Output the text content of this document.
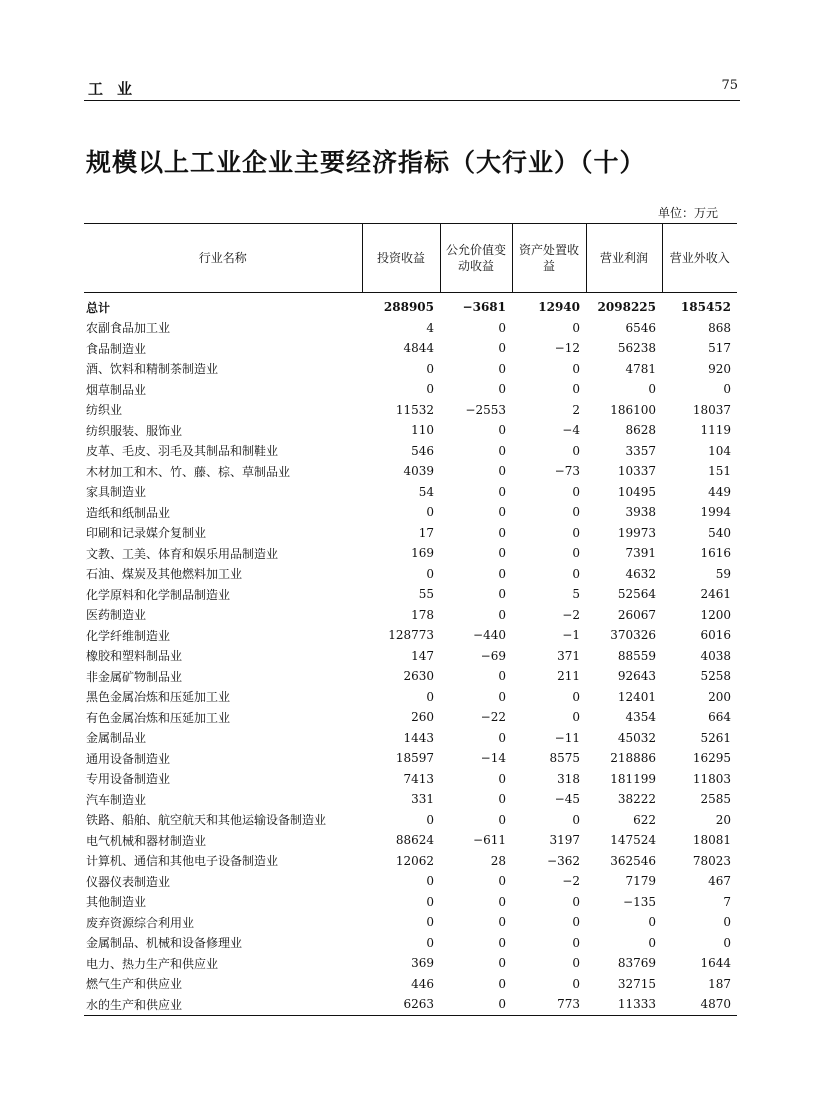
工业	75
规模以上工业企业主要经济指标（大行业）（十）
单位：万元
行业名称	投资收益	公允价值变动收益	资产处置收益	营业利润	营业外收入
总计	288905	−3681	12940	2098225	185452
农副食品加工业	4	0	0	6546	868
食品制造业	4844	0	−12	56238	517
酒、饮料和精制茶制造业	0	0	0	4781	920
烟草制品业	0	0	0	0	0
纺织业	11532	−2553	2	186100	18037
纺织服装、服饰业	110	0	−4	8628	1119
皮革、毛皮、羽毛及其制品和制鞋业	546	0	0	3357	104
木材加工和木、竹、藤、棕、草制品业	4039	0	−73	10337	151
家具制造业	54	0	0	10495	449
造纸和纸制品业	0	0	0	3938	1994
印刷和记录媒介复制业	17	0	0	19973	540
文教、工美、体育和娱乐用品制造业	169	0	0	7391	1616
石油、煤炭及其他燃料加工业	0	0	0	4632	59
化学原料和化学制品制造业	55	0	5	52564	2461
医药制造业	178	0	−2	26067	1200
化学纤维制造业	128773	−440	−1	370326	6016
橡胶和塑料制品业	147	−69	371	88559	4038
非金属矿物制品业	2630	0	211	92643	5258
黑色金属冶炼和压延加工业	0	0	0	12401	200
有色金属冶炼和压延加工业	260	−22	0	4354	664
金属制品业	1443	0	−11	45032	5261
通用设备制造业	18597	−14	8575	218886	16295
专用设备制造业	7413	0	318	181199	11803
汽车制造业	331	0	−45	38222	2585
铁路、船舶、航空航天和其他运输设备制造业	0	0	0	622	20
电气机械和器材制造业	88624	−611	3197	147524	18081
计算机、通信和其他电子设备制造业	12062	28	−362	362546	78023
仪器仪表制造业	0	0	−2	7179	467
其他制造业	0	0	0	−135	7
废弃资源综合利用业	0	0	0	0	0
金属制品、机械和设备修理业	0	0	0	0	0
电力、热力生产和供应业	369	0	0	83769	1644
燃气生产和供应业	446	0	0	32715	187
水的生产和供应业	6263	0	773	11333	4870
